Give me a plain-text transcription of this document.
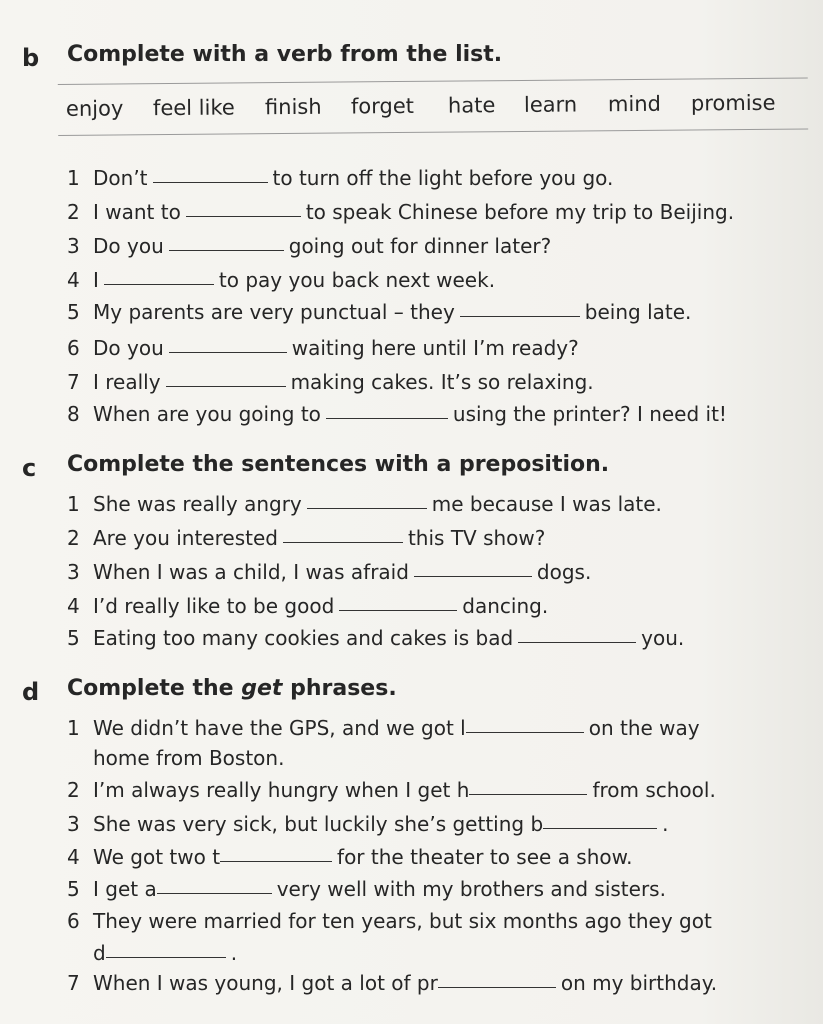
b Complete with a verb from the list.
enjoy feel like finish forget hate learn mind promise
1 Don’t	to turn off the light before you go.
2 I want to	to speak Chinese before my trip to Beijing.
3 Do you	going out for dinner later?
4 I	to pay you back next week.
5 My parents are very punctual – they	being late.
6 Do you	waiting here until I’m ready?
7 I really	making cakes. It’s so relaxing.
8 When are you going to	using the printer? I need it!
c Complete the sentences with a preposition.
1 She was really angry	me because I was late.
2 Are you interested	this TV show?
3 When I was a child, I was afraid	dogs.
4 I’d really like to be good	dancing.
5 Eating too many cookies and cakes is bad	you.
d Complete the get phrases.
1 We didn’t have the GPS, and we got l	on the way
home from Boston.
2 I’m always really hungry when I get h	from school.
3 She was very sick, but luckily she’s getting b	.
4 We got two t	for the theater to see a show.
5 I get a	very well with my brothers and sisters.
6 They were married for ten years, but six months ago they got
d	.
7 When I was young, I got a lot of pr	on my birthday.
